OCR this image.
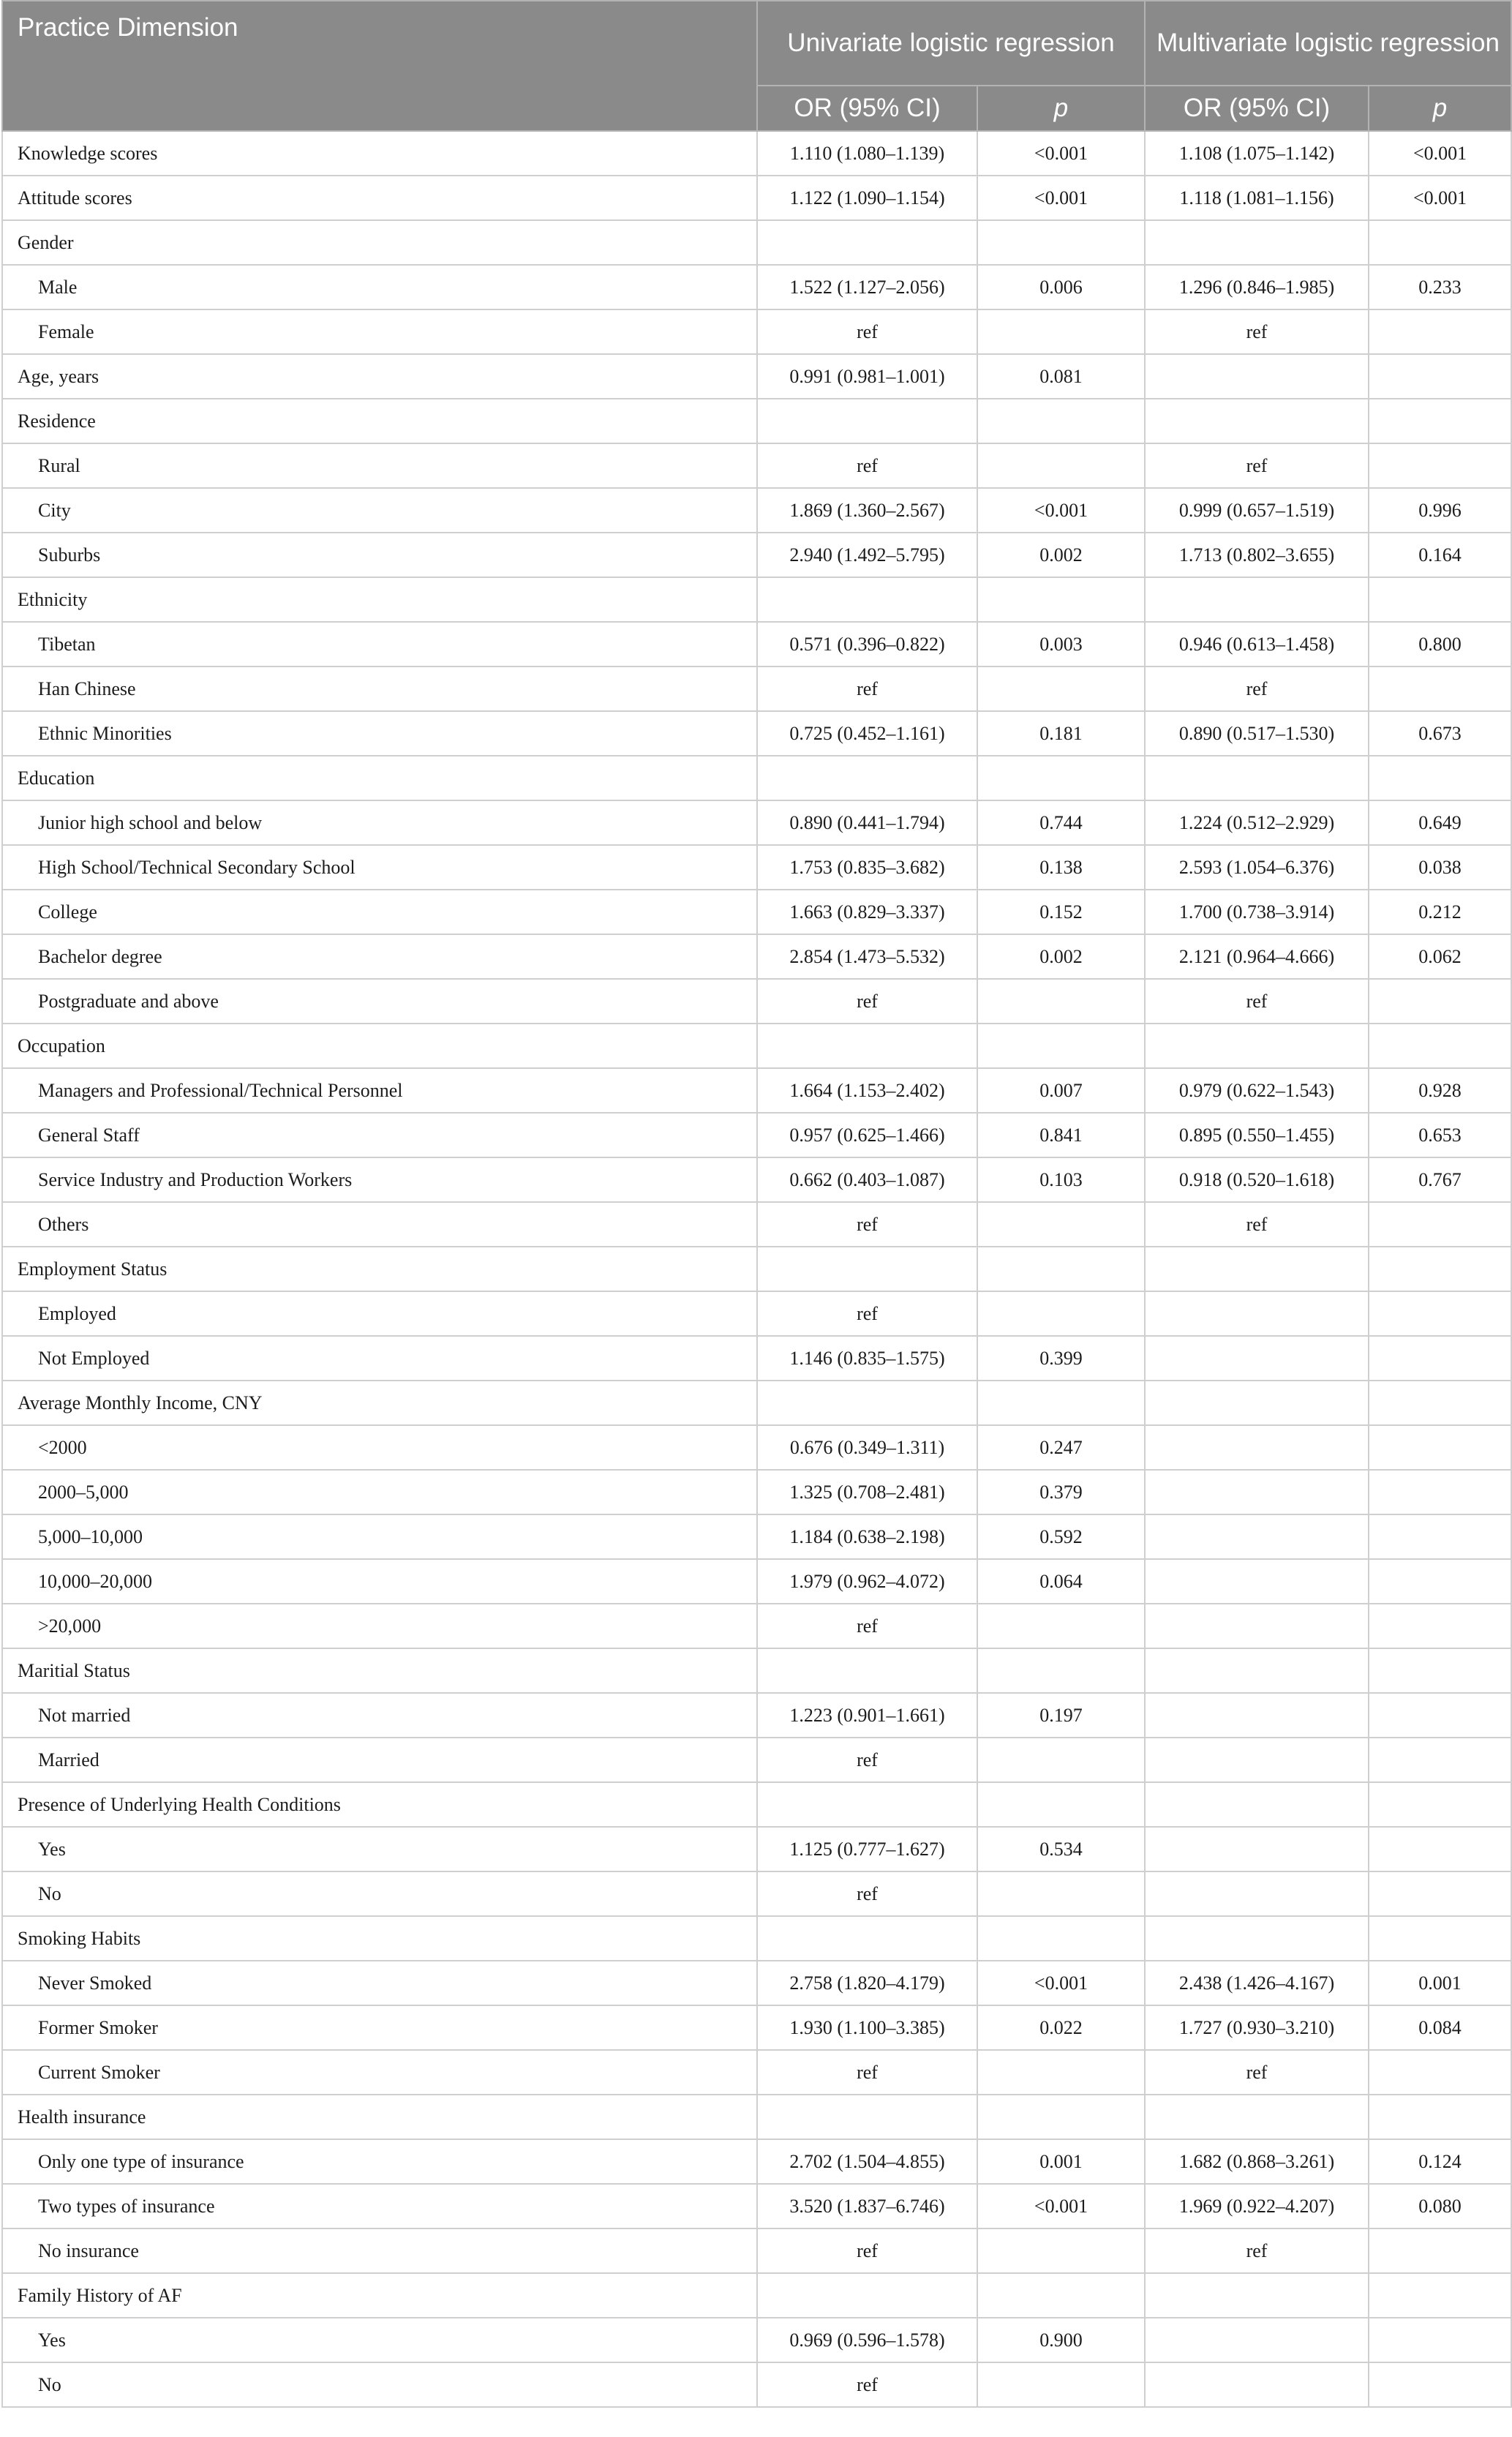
Practice Dimension	Univariate logistic regression		Multivariate logistic regression	
	OR (95% CI)	p	OR (95% CI)	p
Knowledge scores	1.110 (1.080–1.139)	<0.001	1.108 (1.075–1.142)	<0.001
Attitude scores	1.122 (1.090–1.154)	<0.001	1.118 (1.081–1.156)	<0.001
Gender				
Male	1.522 (1.127–2.056)	0.006	1.296 (0.846–1.985)	0.233
Female	ref		ref	
Age, years	0.991 (0.981–1.001)	0.081		
Residence				
Rural	ref		ref	
City	1.869 (1.360–2.567)	<0.001	0.999 (0.657–1.519)	0.996
Suburbs	2.940 (1.492–5.795)	0.002	1.713 (0.802–3.655)	0.164
Ethnicity				
Tibetan	0.571 (0.396–0.822)	0.003	0.946 (0.613–1.458)	0.800
Han Chinese	ref		ref	
Ethnic Minorities	0.725 (0.452–1.161)	0.181	0.890 (0.517–1.530)	0.673
Education				
Junior high school and below	0.890 (0.441–1.794)	0.744	1.224 (0.512–2.929)	0.649
High School/Technical Secondary School	1.753 (0.835–3.682)	0.138	2.593 (1.054–6.376)	0.038
College	1.663 (0.829–3.337)	0.152	1.700 (0.738–3.914)	0.212
Bachelor degree	2.854 (1.473–5.532)	0.002	2.121 (0.964–4.666)	0.062
Postgraduate and above	ref		ref	
Occupation				
Managers and Professional/Technical Personnel	1.664 (1.153–2.402)	0.007	0.979 (0.622–1.543)	0.928
General Staff	0.957 (0.625–1.466)	0.841	0.895 (0.550–1.455)	0.653
Service Industry and Production Workers	0.662 (0.403–1.087)	0.103	0.918 (0.520–1.618)	0.767
Others	ref		ref	
Employment Status				
Employed	ref			
Not Employed	1.146 (0.835–1.575)	0.399		
Average Monthly Income, CNY				
<2000	0.676 (0.349–1.311)	0.247		
2000–5,000	1.325 (0.708–2.481)	0.379		
5,000–10,000	1.184 (0.638–2.198)	0.592		
10,000–20,000	1.979 (0.962–4.072)	0.064		
>20,000	ref			
Maritial Status				
Not married	1.223 (0.901–1.661)	0.197		
Married	ref			
Presence of Underlying Health Conditions				
Yes	1.125 (0.777–1.627)	0.534		
No	ref			
Smoking Habits				
Never Smoked	2.758 (1.820–4.179)	<0.001	2.438 (1.426–4.167)	0.001
Former Smoker	1.930 (1.100–3.385)	0.022	1.727 (0.930–3.210)	0.084
Current Smoker	ref		ref	
Health insurance				
Only one type of insurance	2.702 (1.504–4.855)	0.001	1.682 (0.868–3.261)	0.124
Two types of insurance	3.520 (1.837–6.746)	<0.001	1.969 (0.922–4.207)	0.080
No insurance	ref		ref	
Family History of AF				
Yes	0.969 (0.596–1.578)	0.900		
No	ref			
